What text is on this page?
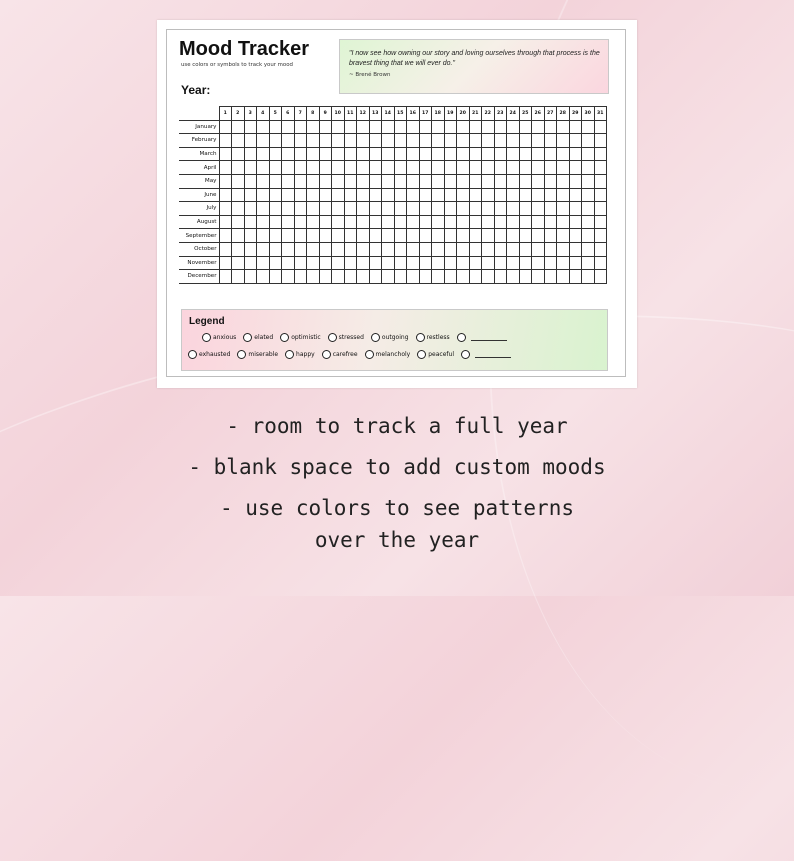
Mood Tracker
use colors or symbols to track your mood
Year:
"I now see how owning our story and loving ourselves through that process is the bravest thing that we will ever do."
~ Brené Brown
	1	2	3	4	5	6	7	8	9	10	11	12	13	14	15	16	17	18	19	20	21	22	23	24	25	26	27	28	29	30	31
January																															
February																															
March																															
April																															
May																															
June																															
July																															
August																															
September																															
October																															
November																															
December																															
Legend
anxious	elated	optimistic	stressed	outgoing	restless
exhausted	miserable	happy	carefree	melancholy	peaceful
- room to track a full year
- blank space to add custom moods
- use colors to see patterns
over the year
